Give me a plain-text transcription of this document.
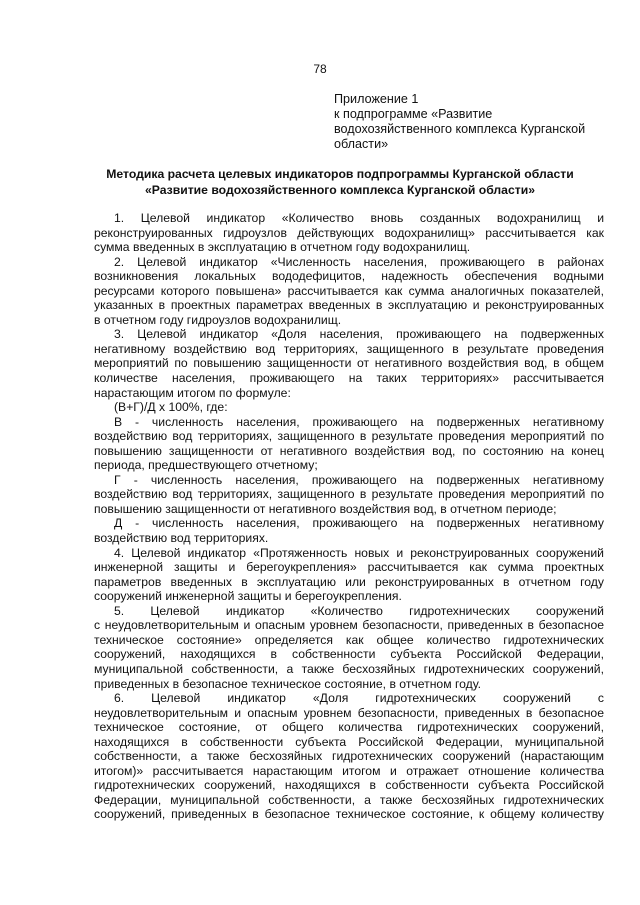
78
Приложение 1
к подпрограмме «Развитие
водохозяйственного комплекса Курганской
области»
Методика расчета целевых индикаторов подпрограммы Курганской области
«Развитие водохозяйственного комплекса Курганской области»
1. Целевой индикатор «Количество вновь созданных водохранилищ и
реконструированных гидроузлов действующих водохранилищ» рассчитывается как
сумма введенных в эксплуатацию в отчетном году водохранилищ.
2. Целевой индикатор «Численность населения, проживающего в районах
возникновения локальных вододефицитов, надежность обеспечения водными
ресурсами которого повышена» рассчитывается как сумма аналогичных показателей,
указанных в проектных параметрах введенных в эксплуатацию и реконструированных
в отчетном году гидроузлов водохранилищ.
3. Целевой индикатор «Доля населения, проживающего на подверженных
негативному воздействию вод территориях, защищенного в результате проведения
мероприятий по повышению защищенности от негативного воздействия вод, в общем
количестве населения, проживающего на таких территориях» рассчитывается
нарастающим итогом по формуле:
(В+Г)/Д х 100%, где:
В - численность населения, проживающего на подверженных негативному
воздействию вод территориях, защищенного в результате проведения мероприятий по
повышению защищенности от негативного воздействия вод, по состоянию на конец
периода, предшествующего отчетному;
Г - численность населения, проживающего на подверженных негативному
воздействию вод территориях, защищенного в результате проведения мероприятий по
повышению защищенности от негативного воздействия вод, в отчетном периоде;
Д - численность населения, проживающего на подверженных негативному
воздействию вод территориях.
4. Целевой индикатор «Протяженность новых и реконструированных сооружений
инженерной защиты и берегоукрепления» рассчитывается как сумма проектных
параметров введенных в эксплуатацию или реконструированных в отчетном году
сооружений инженерной защиты и берегоукрепления.
5. Целевой индикатор «Количество гидротехнических сооружений
с неудовлетворительным и опасным уровнем безопасности, приведенных в безопасное
техническое состояние» определяется как общее количество гидротехнических
сооружений, находящихся в собственности субъекта Российской Федерации,
муниципальной собственности, а также бесхозяйных гидротехнических сооружений,
приведенных в безопасное техническое состояние, в отчетном году.
6. Целевой индикатор «Доля гидротехнических сооружений с
неудовлетворительным и опасным уровнем безопасности, приведенных в безопасное
техническое состояние, от общего количества гидротехнических сооружений,
находящихся в собственности субъекта Российской Федерации, муниципальной
собственности, а также бесхозяйных гидротехнических сооружений (нарастающим
итогом)» рассчитывается нарастающим итогом и отражает отношение количества
гидротехнических сооружений, находящихся в собственности субъекта Российской
Федерации, муниципальной собственности, а также бесхозяйных гидротехнических
сооружений, приведенных в безопасное техническое состояние, к общему количеству
